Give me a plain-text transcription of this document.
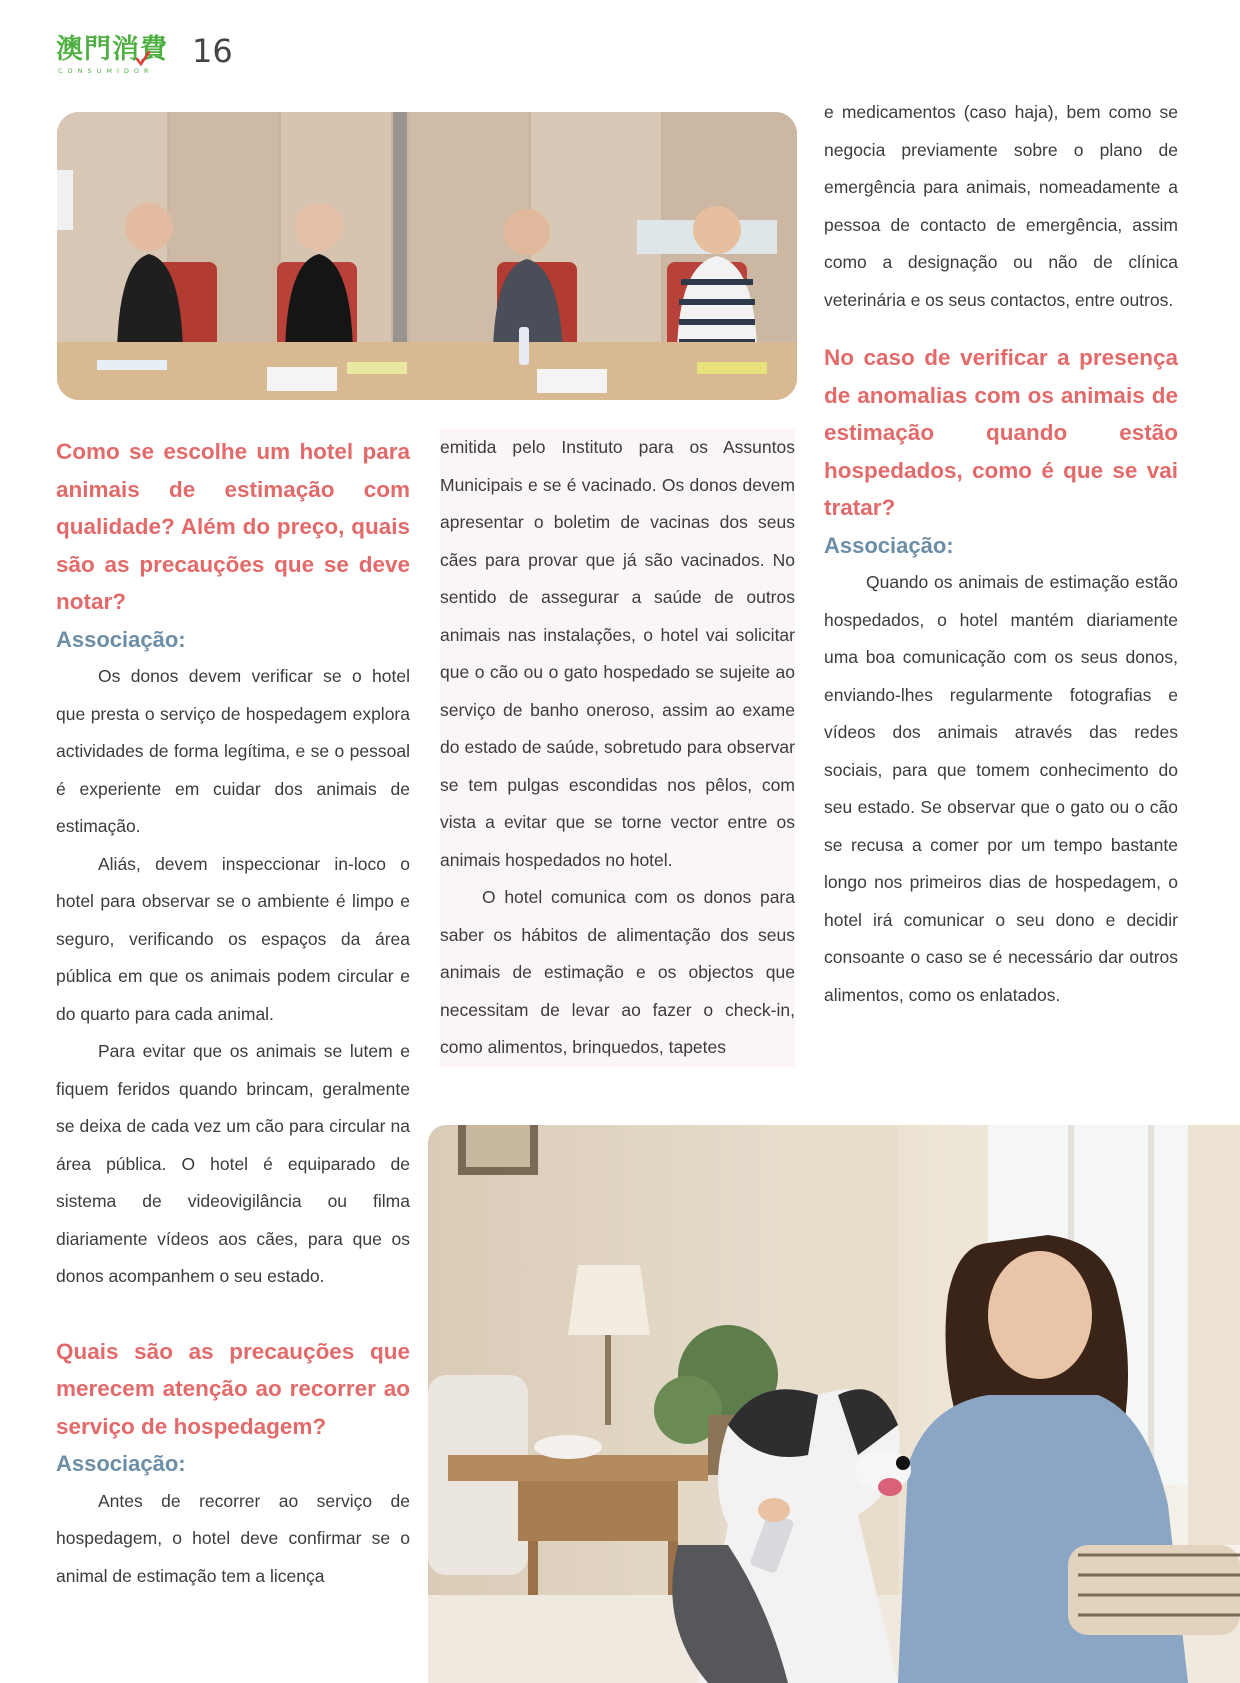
澳門消費
CONSUMIDOR
16

Como se escolhe um hotel para animais de estimação com qualidade? Além do preço, quais são as precauções que se deve notar?

Associação:

Os donos devem verificar se o hotel que presta o serviço de hospedagem explora actividades de forma legítima, e se o pessoal é experiente em cuidar dos animais de estimação.

Aliás, devem inspeccionar in-loco o hotel para observar se o ambiente é limpo e seguro, verificando os espaços da área pública em que os animais podem circular e do quarto para cada animal.

Para evitar que os animais se lutem e fiquem feridos quando brincam, geralmente se deixa de cada vez um cão para circular na área pública. O hotel é equiparado de sistema de videovigilância ou filma diariamente vídeos aos cães, para que os donos acompanhem o seu estado.

Quais são as precauções que merecem atenção ao recorrer ao serviço de hospedagem?

Associação:

Antes de recorrer ao serviço de hospedagem, o hotel deve confirmar se o animal de estimação tem a licença

emitida pelo Instituto para os Assuntos Municipais e se é vacinado. Os donos devem apresentar o boletim de vacinas dos seus cães para provar que já são vacinados. No sentido de assegurar a saúde de outros animais nas instalações, o hotel vai solicitar que o cão ou o gato hospedado se sujeite ao serviço de banho oneroso, assim ao exame do estado de saúde, sobretudo para observar se tem pulgas escondidas nos pêlos, com vista a evitar que se torne vector entre os animais hospedados no hotel.

O hotel comunica com os donos para saber os hábitos de alimentação dos seus animais de estimação e os objectos que necessitam de levar ao fazer o check-in, como alimentos, brinquedos, tapetes

e medicamentos (caso haja), bem como se negocia previamente sobre o plano de emergência para animais, nomeadamente a pessoa de contacto de emergência, assim como a designação ou não de clínica veterinária e os seus contactos, entre outros.

No caso de verificar a presença de anomalias com os animais de estimação quando estão hospedados, como é que se vai tratar?

Associação:

Quando os animais de estimação estão hospedados, o hotel mantém diariamente uma boa comunicação com os seus donos, enviando-lhes regularmente fotografias e vídeos dos animais através das redes sociais, para que tomem conhecimento do seu estado. Se observar que o gato ou o cão se recusa a comer por um tempo bastante longo nos primeiros dias de hospedagem, o hotel irá comunicar o seu dono e decidir consoante o caso se é necessário dar outros alimentos, como os enlatados.
